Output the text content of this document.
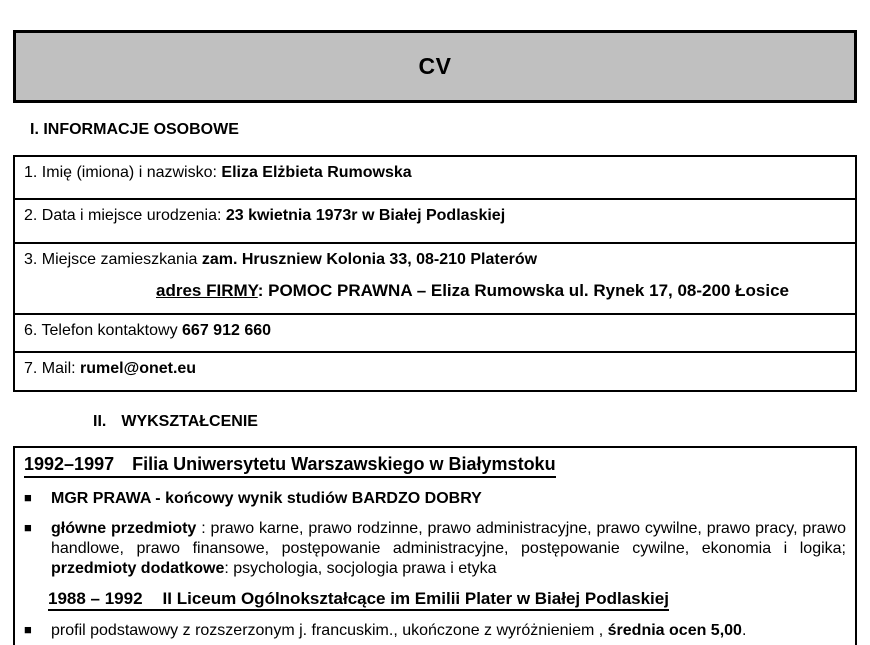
CV
I. INFORMACJE OSOBOWE
1. Imię (imiona) i nazwisko: Eliza Elżbieta Rumowska
2. Data i miejsce urodzenia: 23 kwietnia 1973r w Białej Podlaskiej
3. Miejsce zamieszkania zam. Hruszniew Kolonia 33, 08-210 Platerów
adres FIRMY: POMOC PRAWNA – Eliza Rumowska ul. Rynek 17, 08-200 Łosice
6. Telefon kontaktowy 667 912 660
7. Mail: rumel@onet.eu
II. WYKSZTAŁCENIE
1992–1997 Filia Uniwersytetu Warszawskiego w Białymstoku
■ MGR PRAWA - końcowy wynik studiów BARDZO DOBRY
■ główne przedmioty : prawo karne, prawo rodzinne, prawo administracyjne, prawo cywilne, prawo pracy, prawo handlowe, prawo finansowe, postępowanie administracyjne, postępowanie cywilne, ekonomia i logika; przedmioty dodatkowe: psychologia, socjologia prawa i etyka
1988 – 1992 II Liceum Ogólnokształcące im Emilii Plater w Białej Podlaskiej
■ profil podstawowy z rozszerzonym j. francuskim., ukończone z wyróżnieniem , średnia ocen 5,00.
